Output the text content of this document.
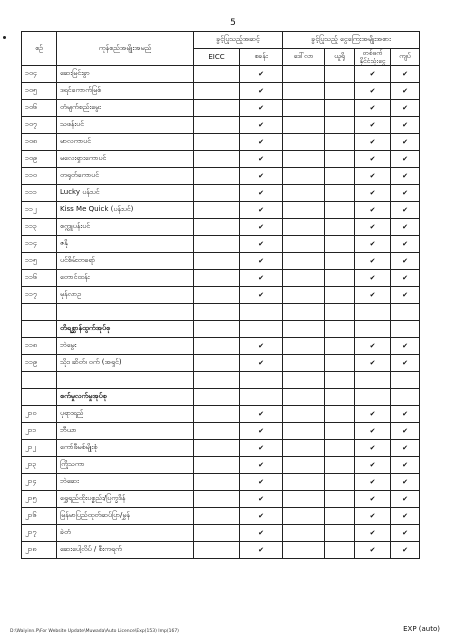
5
စဉ်	ကုန်စည်အမျိုးအမည်	ခွင့်ပြုသည့်အဆင့်		ခွင့်ပြုသည့် ငွေကြေးအမျိုးအစား			
		EICC	စခန်း	ဒေါ်လာ	ယူရို	တစ်ဖက်
နိုင်ငံသုံးငွေ	ကျပ်
၁၀၄	ဆေးမြင်းခွာ		✔			✔	✔
၁၀၅	ဒရင်ကောက်မြစ်		✔			✔	✔
၁၀၆	တံမျက်စည်းမွေး		✔			✔	✔
၁၀၇	သဖန်းပင်		✔			✔	✔
၁၀၈	မာလကာပင်		✔			✔	✔
၁၀၉	မလေးရှားကောပင်		✔			✔	✔
၁၁၀	တရုတ်ကောပင်		✔			✔	✔
၁၁၁	Lucky ပန်းပင်		✔			✔	✔
၁၁၂	Kiss Me Quick (ပန်းပင်)		✔			✔	✔
၁၁၃	စက္ကူပန်းပင်		✔			✔	✔
၁၁၄	ဇနို		✔			✔	✔
၁၁၅	ပင်စိမ်းတရော်		✔			✔	✔
၁၁၆	တောင်ထန်း		✔			✔	✔
၁၁၇	မုန်လာဥ		✔			✔	✔

	တိရစ္ဆာန်ထွက်အုပ်စု						
၁၁၈	ဘဲမွေး		✔			✔	✔
၁၁၉	သိုး၊ ဆိတ်၊ ဝက် (အရှင်)		✔			✔	✔

	စက်မှုလက်မှုအုပ်စု						
၂၁၀	ပုရားရည်		✔			✔	✔
၂၁၁	ဘီယာ		✔			✔	✔
၂၁၂	ကော်ဖီမစ်မျိုးစုံ		✔			✔	✔
၂၁၃	ကြိုသကာ		✔			✔	✔
၂၁၄	ဘဲဆေး		✔			✔	✔
၂၁၅	ရွှေရည်ထိုးပစ္စည်း/ပြက္ခဒိန်		✔			✔	✔
၂၁၆	မြန်မာပြည်ထုတ်ဆပ်ပြာ/မွှန်		✔			✔	✔
၂၁၇	ခဲတံ		✔			✔	✔
၂၁၈	ဆေးပေါ့လိပ် / စီးကရက်		✔			✔	✔
D:\Waiyinn.P\For Website Update\Muwada\Auto Licence\Exp(153) Imp(167)	EXP (auto)
